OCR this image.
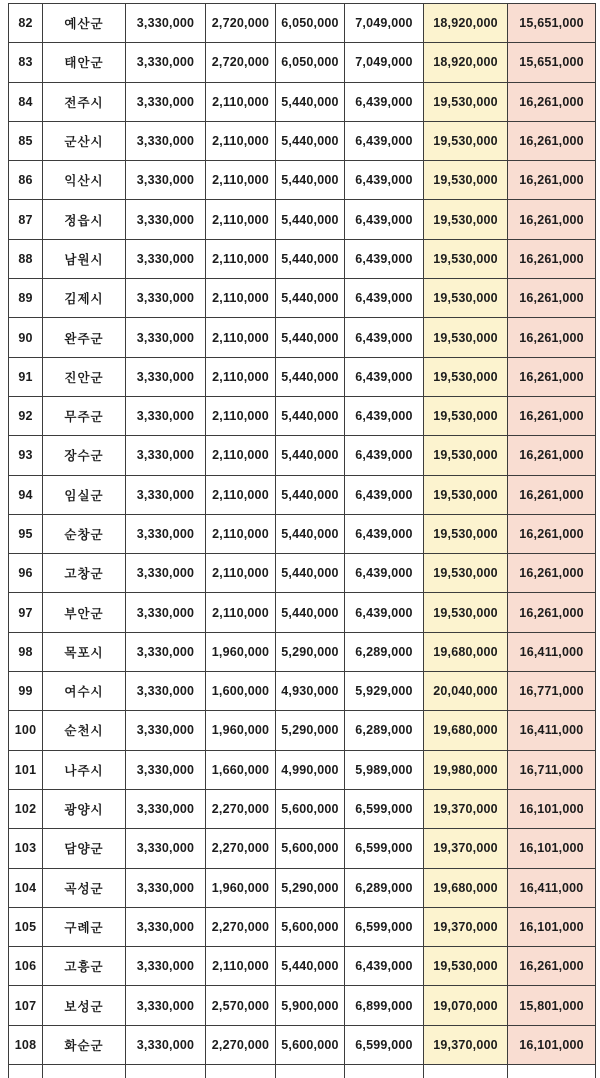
82	예산군	3,330,000	2,720,000	6,050,000	7,049,000	18,920,000	15,651,000
83	태안군	3,330,000	2,720,000	6,050,000	7,049,000	18,920,000	15,651,000
84	전주시	3,330,000	2,110,000	5,440,000	6,439,000	19,530,000	16,261,000
85	군산시	3,330,000	2,110,000	5,440,000	6,439,000	19,530,000	16,261,000
86	익산시	3,330,000	2,110,000	5,440,000	6,439,000	19,530,000	16,261,000
87	정읍시	3,330,000	2,110,000	5,440,000	6,439,000	19,530,000	16,261,000
88	남원시	3,330,000	2,110,000	5,440,000	6,439,000	19,530,000	16,261,000
89	김제시	3,330,000	2,110,000	5,440,000	6,439,000	19,530,000	16,261,000
90	완주군	3,330,000	2,110,000	5,440,000	6,439,000	19,530,000	16,261,000
91	진안군	3,330,000	2,110,000	5,440,000	6,439,000	19,530,000	16,261,000
92	무주군	3,330,000	2,110,000	5,440,000	6,439,000	19,530,000	16,261,000
93	장수군	3,330,000	2,110,000	5,440,000	6,439,000	19,530,000	16,261,000
94	임실군	3,330,000	2,110,000	5,440,000	6,439,000	19,530,000	16,261,000
95	순창군	3,330,000	2,110,000	5,440,000	6,439,000	19,530,000	16,261,000
96	고창군	3,330,000	2,110,000	5,440,000	6,439,000	19,530,000	16,261,000
97	부안군	3,330,000	2,110,000	5,440,000	6,439,000	19,530,000	16,261,000
98	목포시	3,330,000	1,960,000	5,290,000	6,289,000	19,680,000	16,411,000
99	여수시	3,330,000	1,600,000	4,930,000	5,929,000	20,040,000	16,771,000
100	순천시	3,330,000	1,960,000	5,290,000	6,289,000	19,680,000	16,411,000
101	나주시	3,330,000	1,660,000	4,990,000	5,989,000	19,980,000	16,711,000
102	광양시	3,330,000	2,270,000	5,600,000	6,599,000	19,370,000	16,101,000
103	담양군	3,330,000	2,270,000	5,600,000	6,599,000	19,370,000	16,101,000
104	곡성군	3,330,000	1,960,000	5,290,000	6,289,000	19,680,000	16,411,000
105	구례군	3,330,000	2,270,000	5,600,000	6,599,000	19,370,000	16,101,000
106	고흥군	3,330,000	2,110,000	5,440,000	6,439,000	19,530,000	16,261,000
107	보성군	3,330,000	2,570,000	5,900,000	6,899,000	19,070,000	15,801,000
108	화순군	3,330,000	2,270,000	5,600,000	6,599,000	19,370,000	16,101,000
